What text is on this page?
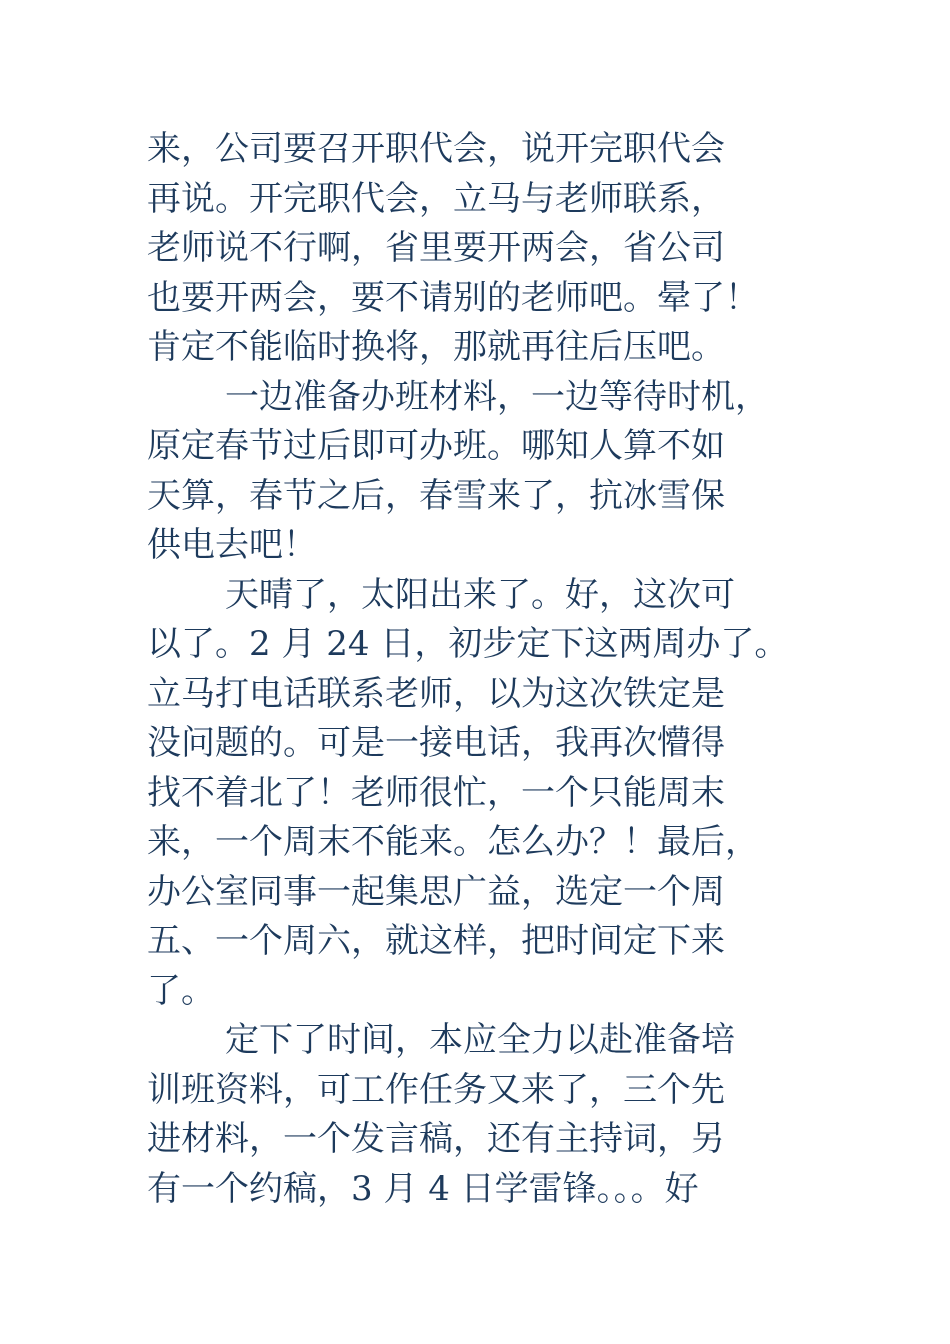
来，公司要召开职代会，说开完职代会
再说。开完职代会，立马与老师联系，
老师说不行啊，省里要开两会，省公司
也要开两会，要不请别的老师吧。晕了！
肯定不能临时换将，那就再往后压吧。
一边准备办班材料，一边等待时机，
原定春节过后即可办班。哪知人算不如
天算，春节之后，春雪来了，抗冰雪保
供电去吧！
天晴了，太阳出来了。好，这次可
以了。2 月 24 日，初步定下这两周办了。
立马打电话联系老师，以为这次铁定是
没问题的。可是一接电话，我再次懵得
找不着北了！老师很忙，一个只能周末
来，一个周末不能来。怎么办？！最后，
办公室同事一起集思广益，选定一个周
五、一个周六，就这样，把时间定下来
了。
定下了时间，本应全力以赴准备培
训班资料，可工作任务又来了，三个先
进材料，一个发言稿，还有主持词，另
有一个约稿，3 月 4 日学雷锋。。。好
